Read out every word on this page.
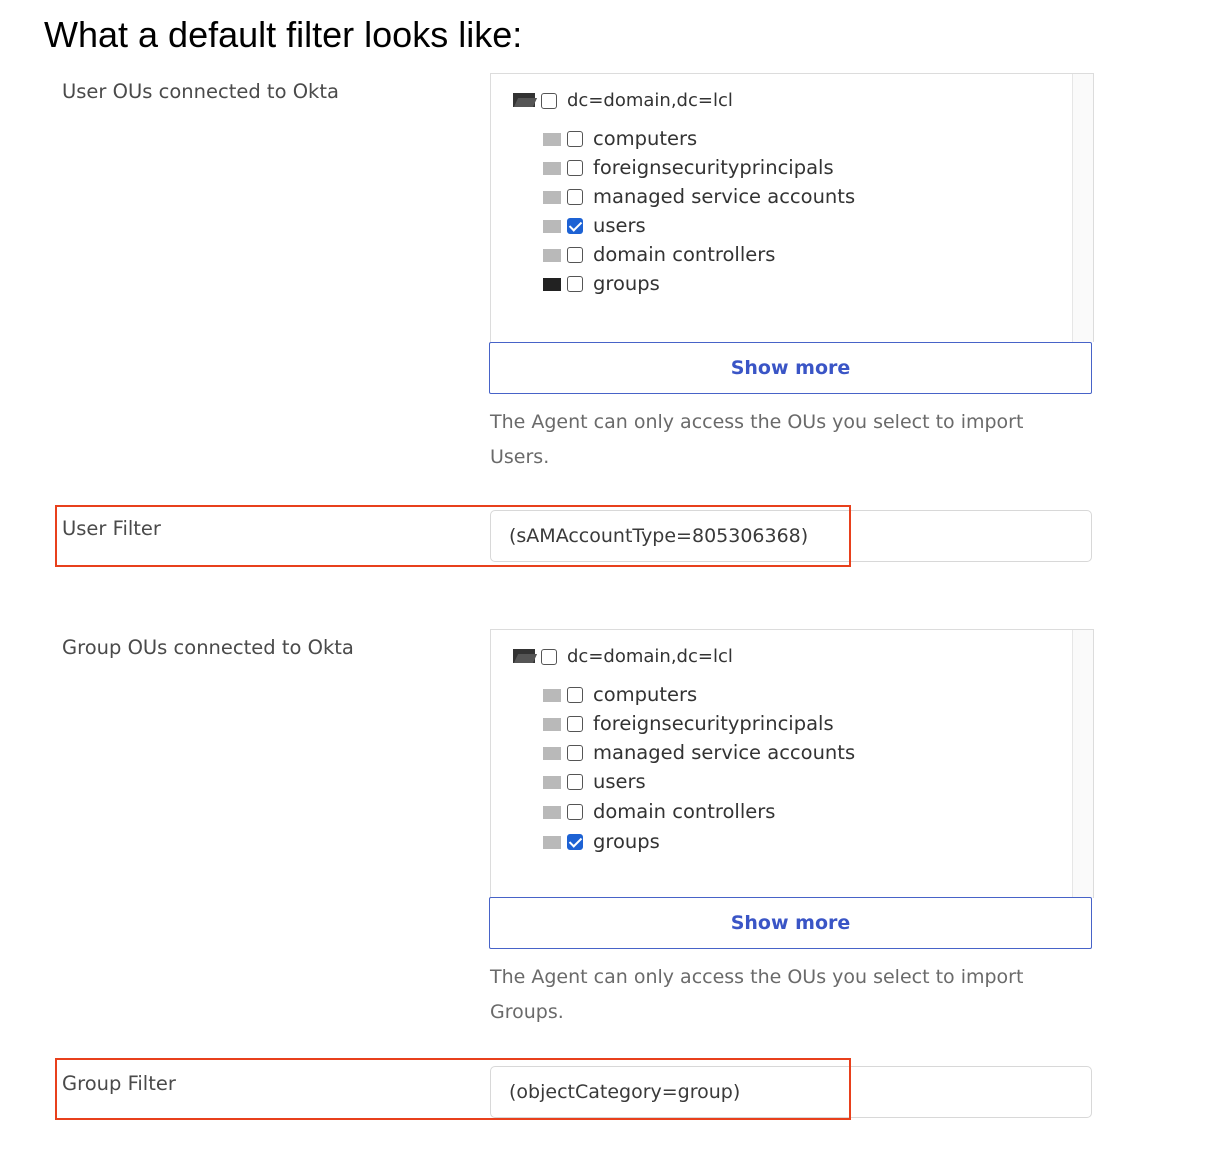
What a default filter looks like:
User OUs connected to Okta	dc=domain,dc=lcl
computers
foreignsecurityprincipals
managed service accounts
users
domain controllers
groups
Show more
The Agent can only access the OUs you select to import Users.
User Filter	(sAMAccountType=805306368)
Group OUs connected to Okta	dc=domain,dc=lcl
computers
foreignsecurityprincipals
managed service accounts
users
domain controllers
groups
Show more
The Agent can only access the OUs you select to import Groups.
Group Filter	(objectCategory=group)
